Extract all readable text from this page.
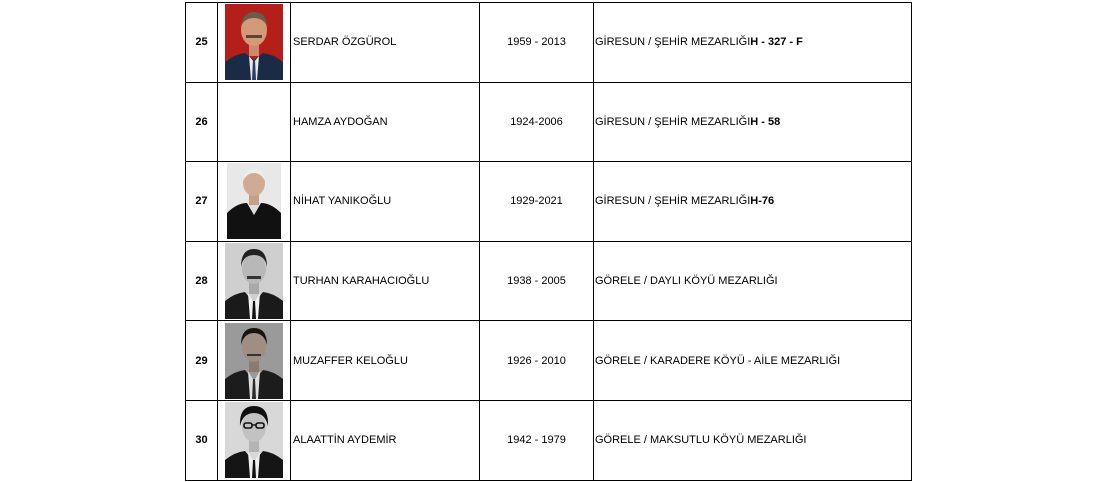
25	SERDAR ÖZGÜROL	1959 - 2013	GİRESUN / ŞEHİR MEZARLIĞI H - 327 - F
26	HAMZA AYDOĞAN	1924-2006	GİRESUN / ŞEHİR MEZARLIĞI H - 58
27	NİHAT YANIKOĞLU	1929-2021	GİRESUN / ŞEHİR MEZARLIĞI H-76
28	TURHAN KARAHACIOĞLU	1938 - 2005	GÖRELE / DAYLI KÖYÜ MEZARLIĞI
29	MUZAFFER KELOĞLU	1926 - 2010	GÖRELE / KARADERE KÖYÜ - AİLE MEZARLIĞI
30	ALAATTİN AYDEMİR	1942 - 1979	GÖRELE / MAKSUTLU KÖYÜ MEZARLIĞI
